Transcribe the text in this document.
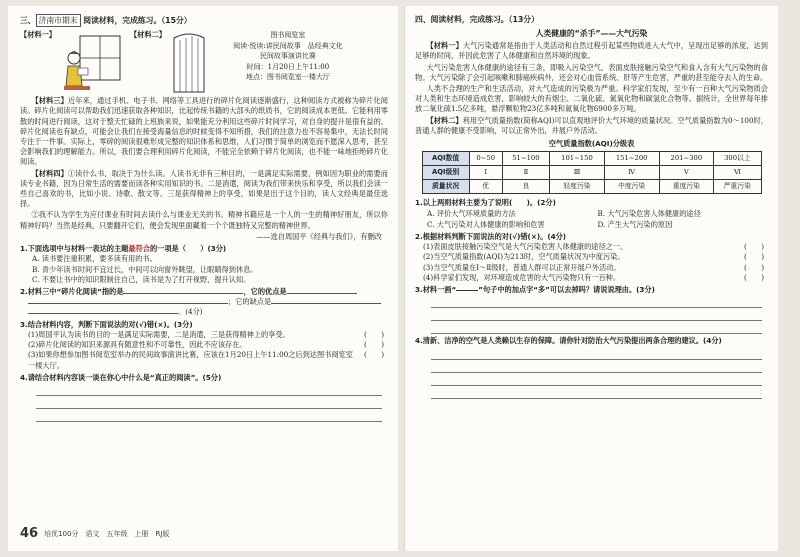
三、 济南市期末 阅读材料，完成练习。（15分）
【材料一】	【材料二】	图书阅览室
阅读·悦读:讲民间故事　品经典文化
民间故事演讲比赛
时间：1月20日上午11:00
地点：图书阅览室一楼大厅

【材料三】近年来，通过手机、电子书、网络等工具进行的碎片化阅读逐渐盛行，这种阅读方式被称为碎片化阅读。碎片化阅读可以帮助我们迅速获取各种知识，比起传统书籍的大部头的纸质书，它的阅读成本更低。它能利用零散的时间进行阅读，这对于整天忙碌的上班族来说，如果能充分利用这些碎片时间学习，对自身的提升是很有益的。碎片化阅读也有缺点，可能会让我们在接受海量信息的时候变得不知所措，我们的注意力也不容易集中，无法长时间专注于一件事。实际上，零碎的阅读很难形成完整的知识体系和思维，人们习惯于简单的浏览而不愿深入思考，甚至会影响我们的理解能力。所以，我们要合理利用碎片化阅读，不能完全依赖于碎片化阅读，也不能一味地拒绝碎片化阅读。

【材料四】①读什么书，取决于为什么读。人读书无非有三种目的，一是满足实际需要，例如因为职业的需要而读专业书籍，因为日常生活的需要而读各种实用知识的书。二是消遣，阅读为我们带来快乐和享受，所以我们会读一些自己喜欢的书，比如小说、诗歌、散文等。三是获得精神上的享受，如果是出于这个目的，读人文经典是最佳选择。

②我不认为学生为应付课业有时间去读什么与课业无关的书。精神书籍应是一个人的一生的精神好朋友，所以你精神好吗？当然是经典，只要翻开它们，便会发现里面藏着一个个既独特又完整的精神世界。

——选自周国平《经典与我们》，有删改
1.下面选项中与材料一表达的主题最符合的一项是（　　）(3分)
A. 读书要注重积累，要多读有用的书。
B. 青少年读书时间不宜过长，中间可以向窗外眺望，让眼睛得到休息。
C. 不要让书中的知识限制住自己，读书是为了打开视野，提升认知。
2.材料三中“碎片化阅读”指的是	，它的优点是
；它的缺点是
。(4分)
3.结合材料内容，判断下面说法的对(√)错(×)。(3分)
(1)周国平认为读书的目的一是满足实际需要，二是消遣，三是获得精神上的享受。	(　　)
(2)碎片化阅读的知识来源具有随意性和不可靠性，因此不应该存在。	(　　)
(3)如果你想参加图书阅览室举办的民间故事演讲比赛，应该在1月20日上午11:00之后到达图书阅览室一楼大厅。
(　　)
4.请结合材料内容谈一谈在你心中什么是“真正的阅读”。(5分)
46 培优100分　语文　五年级　上册　RJ版
四、阅读材料，完成练习。（13分）
人类健康的“杀手”——大气污染

【材料一】大气污染通常是指由于人类活动和自然过程引起某些物质进入大气中，呈现出足够的浓度，达到足够的时间，并因此危害了人体健康和自然环境的现象。

大气污染危害人体健康的途径有三条，即吸入污染空气、表面皮肤接触污染空气和食入含有大气污染物的食物。大气污染除了会引起咳嗽和肺癌疾病外，还会对心血管系统、肝等产生危害，严重的甚至能夺去人的生命。

人类不合理的生产和生活活动，对大气造成的污染极为严重。科学家们发现，至少有一百种大气污染物质会对人类和生态环境造成危害，影响较大的有烟尘、二氧化硫、氮氧化物和碳氢化合物等。据统计，全世界每年排放二氧化硫1.5亿多吨，悬浮颗粒物23亿多吨和氮氧化物6900多万吨。

【材料二】利用空气质量指数(简称AQI)可以直观地评价大气环境的质量状况。空气质量指数为0～100时，普通人群的健康不受影响，可以正常外出，并展户外活动。

空气质量指数(AQI)分级表
AQI数值	0~50	51~100	101~150	151~200	201~300	300以上
AQI级别	Ⅰ	Ⅱ	Ⅲ	Ⅳ	Ⅴ	Ⅵ
质量状况	优	良	轻度污染	中度污染	重度污染	严重污染
1.以上两则材料主要为了说明(　　)。(2分)
A. 评价大气环境质量的方法	B. 大气污染危害人体健康的途径
C. 大气污染对人体健康的影响和危害	D. 产生大气污染的原因
2.根据材料判断下面说法的对(√)错(×)。(4分)
(1)表面皮肤接触污染空气是大气污染危害人体健康的途径之一。	(　　)
(2)当空气质量指数(AQI)为213时，空气质量状况为中度污染。	(　　)
(3)当空气质量在Ⅰ～Ⅱ级时，普通人群可以正常开展户外活动。	(　　)
(4)科学家们发现，对环境造成危害的大气污染物只有一百种。	(　　)
3.材料一画“	”句子中的加点字“多”可以去掉吗？请说说理由。(3分)
4.清新、洁净的空气是人类赖以生存的保障。请你针对防治大气污染提出两条合理的建议。(4分)
